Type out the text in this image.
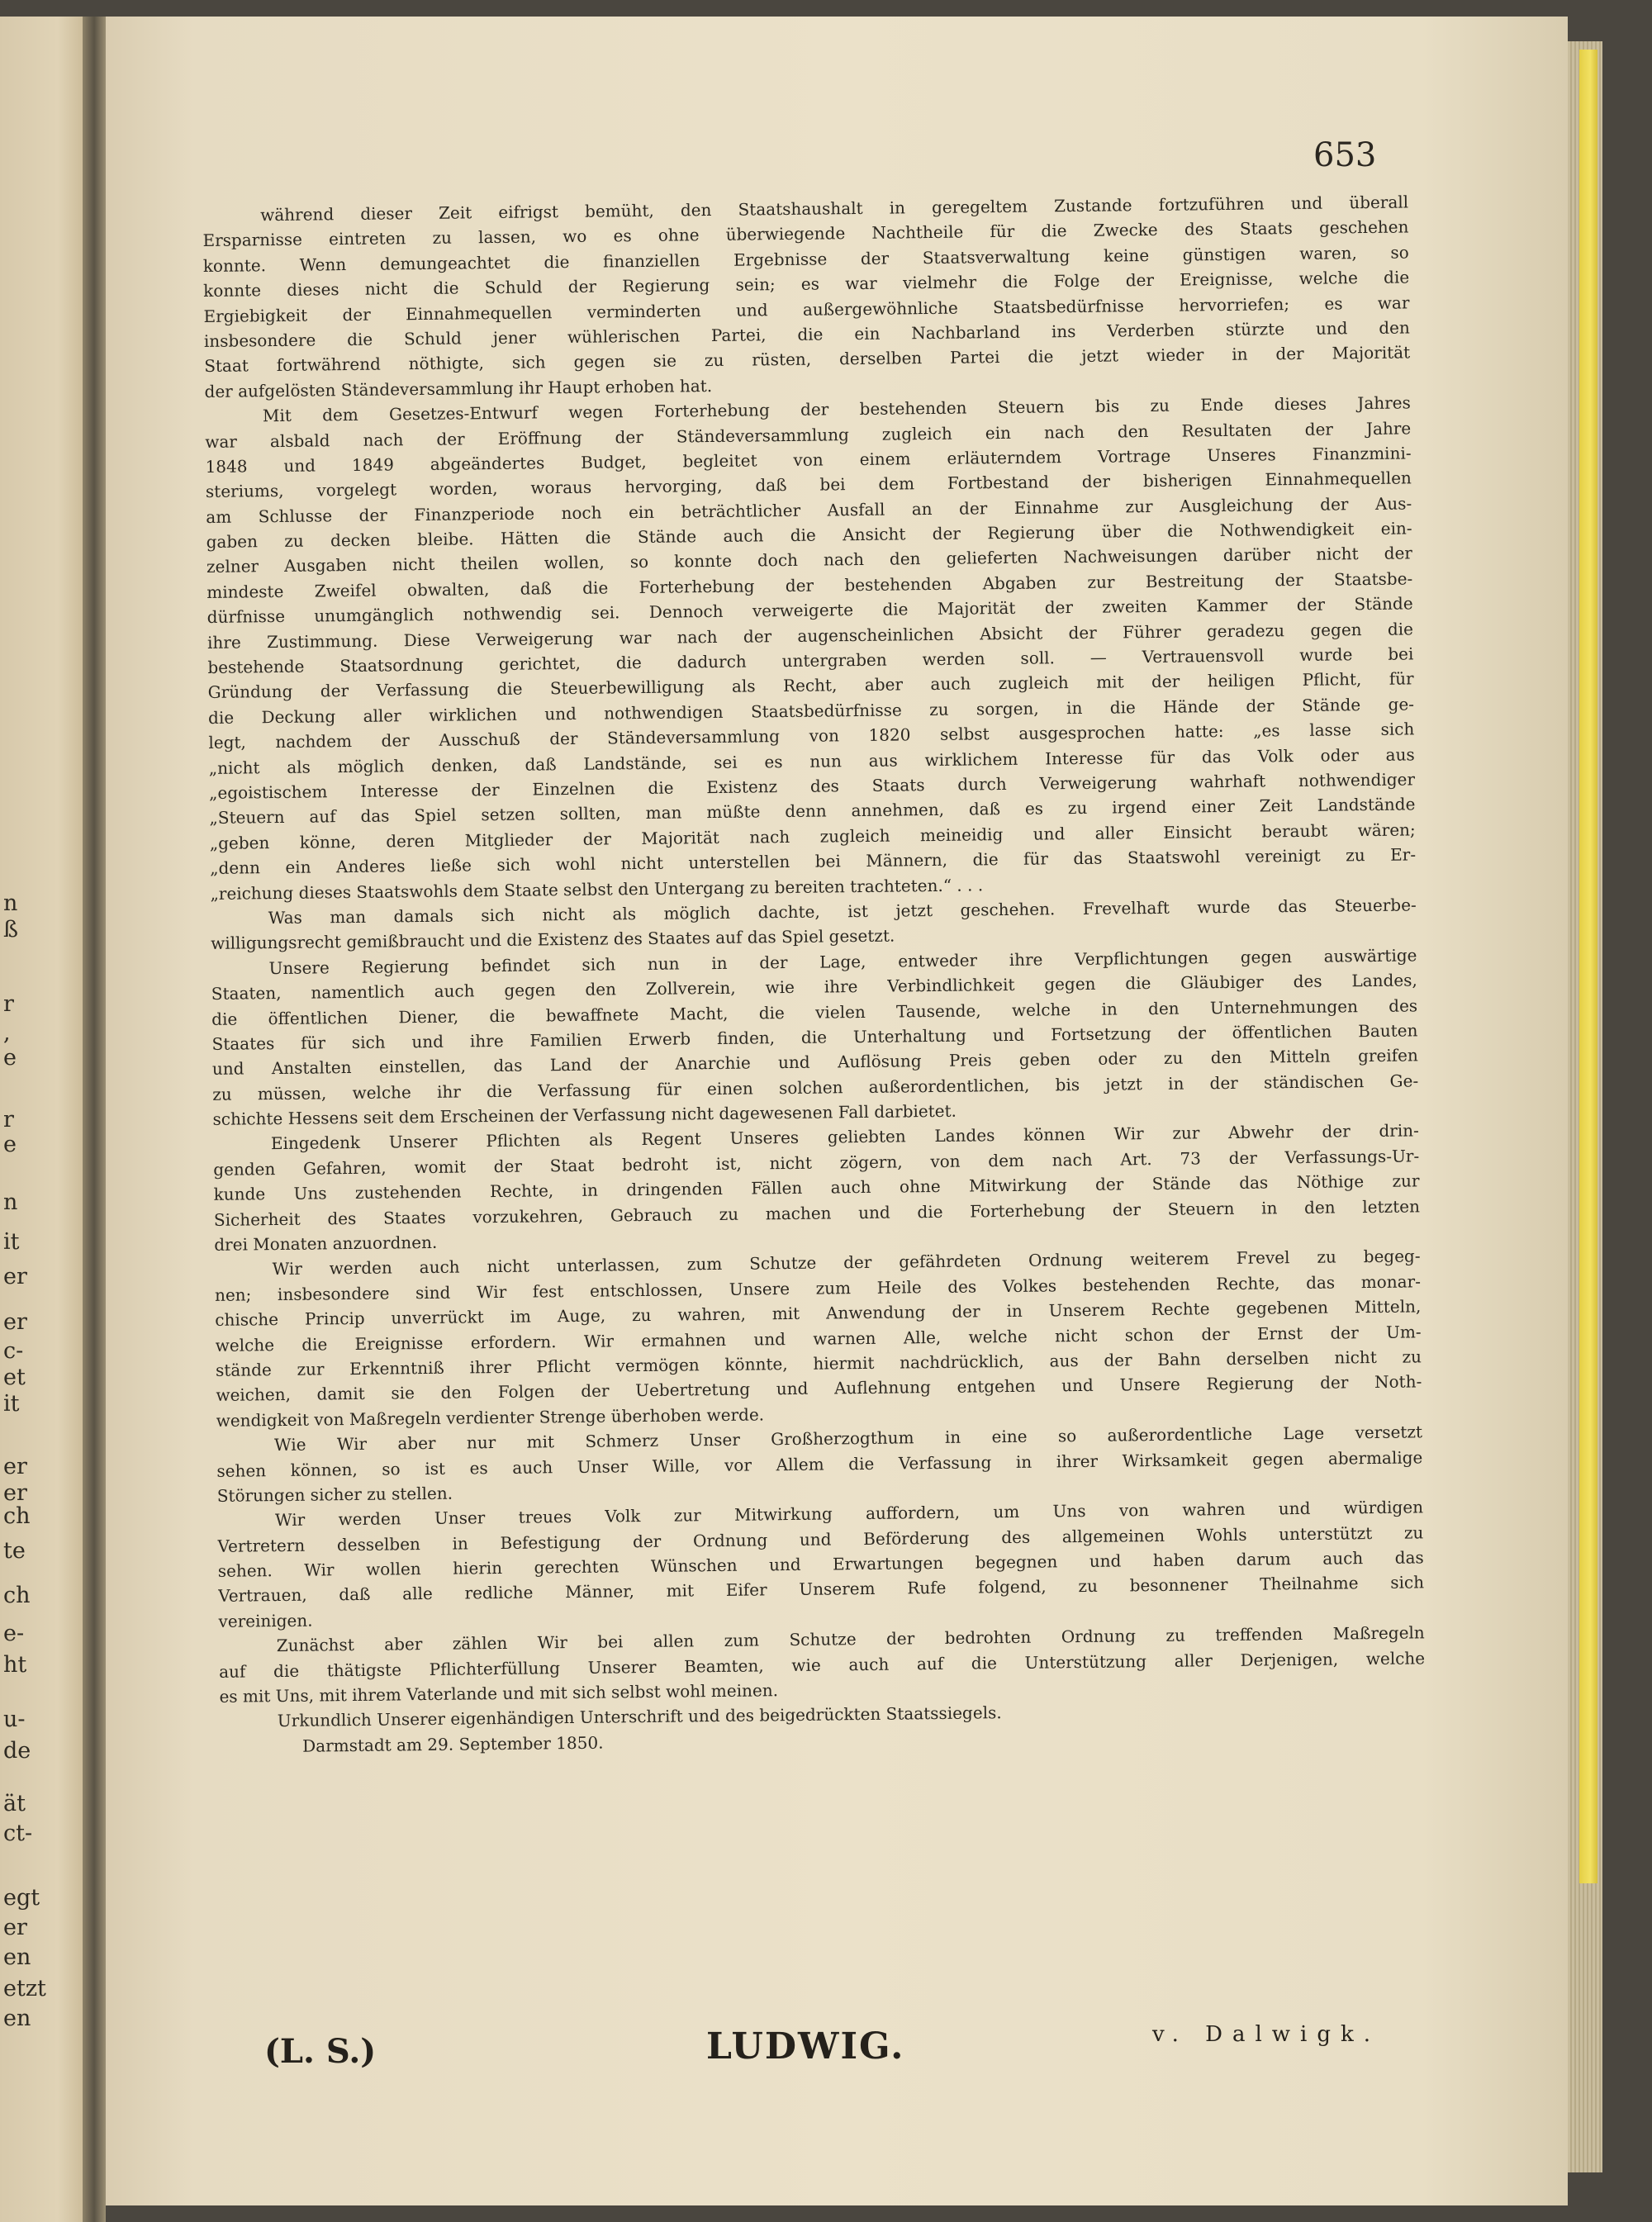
n
ß
r
,
e
r
e
n
it
er
er
c-
et
it
er
er
ch
te
ch
e-
ht
u-
de
ät
ct-
egt
er
en
etzt
en
653
während dieser Zeit eifrigst bemüht, den Staatshaushalt in geregeltem Zustande fortzuführen und überall
Ersparnisse eintreten zu lassen, wo es ohne überwiegende Nachtheile für die Zwecke des Staats geschehen
konnte. Wenn demungeachtet die finanziellen Ergebnisse der Staatsverwaltung keine günstigen waren, so
konnte dieses nicht die Schuld der Regierung sein; es war vielmehr die Folge der Ereignisse, welche die
Ergiebigkeit der Einnahmequellen verminderten und außergewöhnliche Staatsbedürfnisse hervorriefen; es war
insbesondere die Schuld jener wühlerischen Partei, die ein Nachbarland ins Verderben stürzte und den
Staat fortwährend nöthigte, sich gegen sie zu rüsten, derselben Partei die jetzt wieder in der Majorität
der aufgelösten Ständeversammlung ihr Haupt erhoben hat.
Mit dem Gesetzes-Entwurf wegen Forterhebung der bestehenden Steuern bis zu Ende dieses Jahres
war alsbald nach der Eröffnung der Ständeversammlung zugleich ein nach den Resultaten der Jahre
1848 und 1849 abgeändertes Budget, begleitet von einem erläuterndem Vortrage Unseres Finanzmini-
steriums, vorgelegt worden, woraus hervorging, daß bei dem Fortbestand der bisherigen Einnahmequellen
am Schlusse der Finanzperiode noch ein beträchtlicher Ausfall an der Einnahme zur Ausgleichung der Aus-
gaben zu decken bleibe. Hätten die Stände auch die Ansicht der Regierung über die Nothwendigkeit ein-
zelner Ausgaben nicht theilen wollen, so konnte doch nach den gelieferten Nachweisungen darüber nicht der
mindeste Zweifel obwalten, daß die Forterhebung der bestehenden Abgaben zur Bestreitung der Staatsbe-
dürfnisse unumgänglich nothwendig sei. Dennoch verweigerte die Majorität der zweiten Kammer der Stände
ihre Zustimmung. Diese Verweigerung war nach der augenscheinlichen Absicht der Führer geradezu gegen die
bestehende Staatsordnung gerichtet, die dadurch untergraben werden soll. — Vertrauensvoll wurde bei
Gründung der Verfassung die Steuerbewilligung als Recht, aber auch zugleich mit der heiligen Pflicht, für
die Deckung aller wirklichen und nothwendigen Staatsbedürfnisse zu sorgen, in die Hände der Stände ge-
legt, nachdem der Ausschuß der Ständeversammlung von 1820 selbst ausgesprochen hatte: „es lasse sich
„nicht als möglich denken, daß Landstände, sei es nun aus wirklichem Interesse für das Volk oder aus
„egoistischem Interesse der Einzelnen die Existenz des Staats durch Verweigerung wahrhaft nothwendiger
„Steuern auf das Spiel setzen sollten, man müßte denn annehmen, daß es zu irgend einer Zeit Landstände
„geben könne, deren Mitglieder der Majorität nach zugleich meineidig und aller Einsicht beraubt wären;
„denn ein Anderes ließe sich wohl nicht unterstellen bei Männern, die für das Staatswohl vereinigt zu Er-
„reichung dieses Staatswohls dem Staate selbst den Untergang zu bereiten trachteten.“ . . .
Was man damals sich nicht als möglich dachte, ist jetzt geschehen. Frevelhaft wurde das Steuerbe-
willigungsrecht gemißbraucht und die Existenz des Staates auf das Spiel gesetzt.
Unsere Regierung befindet sich nun in der Lage, entweder ihre Verpflichtungen gegen auswärtige
Staaten, namentlich auch gegen den Zollverein, wie ihre Verbindlichkeit gegen die Gläubiger des Landes,
die öffentlichen Diener, die bewaffnete Macht, die vielen Tausende, welche in den Unternehmungen des
Staates für sich und ihre Familien Erwerb finden, die Unterhaltung und Fortsetzung der öffentlichen Bauten
und Anstalten einstellen, das Land der Anarchie und Auflösung Preis geben oder zu den Mitteln greifen
zu müssen, welche ihr die Verfassung für einen solchen außerordentlichen, bis jetzt in der ständischen Ge-
schichte Hessens seit dem Erscheinen der Verfassung nicht dagewesenen Fall darbietet.
Eingedenk Unserer Pflichten als Regent Unseres geliebten Landes können Wir zur Abwehr der drin-
genden Gefahren, womit der Staat bedroht ist, nicht zögern, von dem nach Art. 73 der Verfassungs-Ur-
kunde Uns zustehenden Rechte, in dringenden Fällen auch ohne Mitwirkung der Stände das Nöthige zur
Sicherheit des Staates vorzukehren, Gebrauch zu machen und die Forterhebung der Steuern in den letzten
drei Monaten anzuordnen.
Wir werden auch nicht unterlassen, zum Schutze der gefährdeten Ordnung weiterem Frevel zu begeg-
nen; insbesondere sind Wir fest entschlossen, Unsere zum Heile des Volkes bestehenden Rechte, das monar-
chische Princip unverrückt im Auge, zu wahren, mit Anwendung der in Unserem Rechte gegebenen Mitteln,
welche die Ereignisse erfordern. Wir ermahnen und warnen Alle, welche nicht schon der Ernst der Um-
stände zur Erkenntniß ihrer Pflicht vermögen könnte, hiermit nachdrücklich, aus der Bahn derselben nicht zu
weichen, damit sie den Folgen der Uebertretung und Auflehnung entgehen und Unsere Regierung der Noth-
wendigkeit von Maßregeln verdienter Strenge überhoben werde.
Wie Wir aber nur mit Schmerz Unser Großherzogthum in eine so außerordentliche Lage versetzt
sehen können, so ist es auch Unser Wille, vor Allem die Verfassung in ihrer Wirksamkeit gegen abermalige
Störungen sicher zu stellen.
Wir werden Unser treues Volk zur Mitwirkung auffordern, um Uns von wahren und würdigen
Vertretern desselben in Befestigung der Ordnung und Beförderung des allgemeinen Wohls unterstützt zu
sehen. Wir wollen hierin gerechten Wünschen und Erwartungen begegnen und haben darum auch das
Vertrauen, daß alle redliche Männer, mit Eifer Unserem Rufe folgend, zu besonnener Theilnahme sich
vereinigen.
Zunächst aber zählen Wir bei allen zum Schutze der bedrohten Ordnung zu treffenden Maßregeln
auf die thätigste Pflichterfüllung Unserer Beamten, wie auch auf die Unterstützung aller Derjenigen, welche
es mit Uns, mit ihrem Vaterlande und mit sich selbst wohl meinen.
Urkundlich Unserer eigenhändigen Unterschrift und des beigedrückten Staatssiegels.
Darmstadt am 29. September 1850.
(L. S.)	LUDWIG.	v. Dalwigk.
